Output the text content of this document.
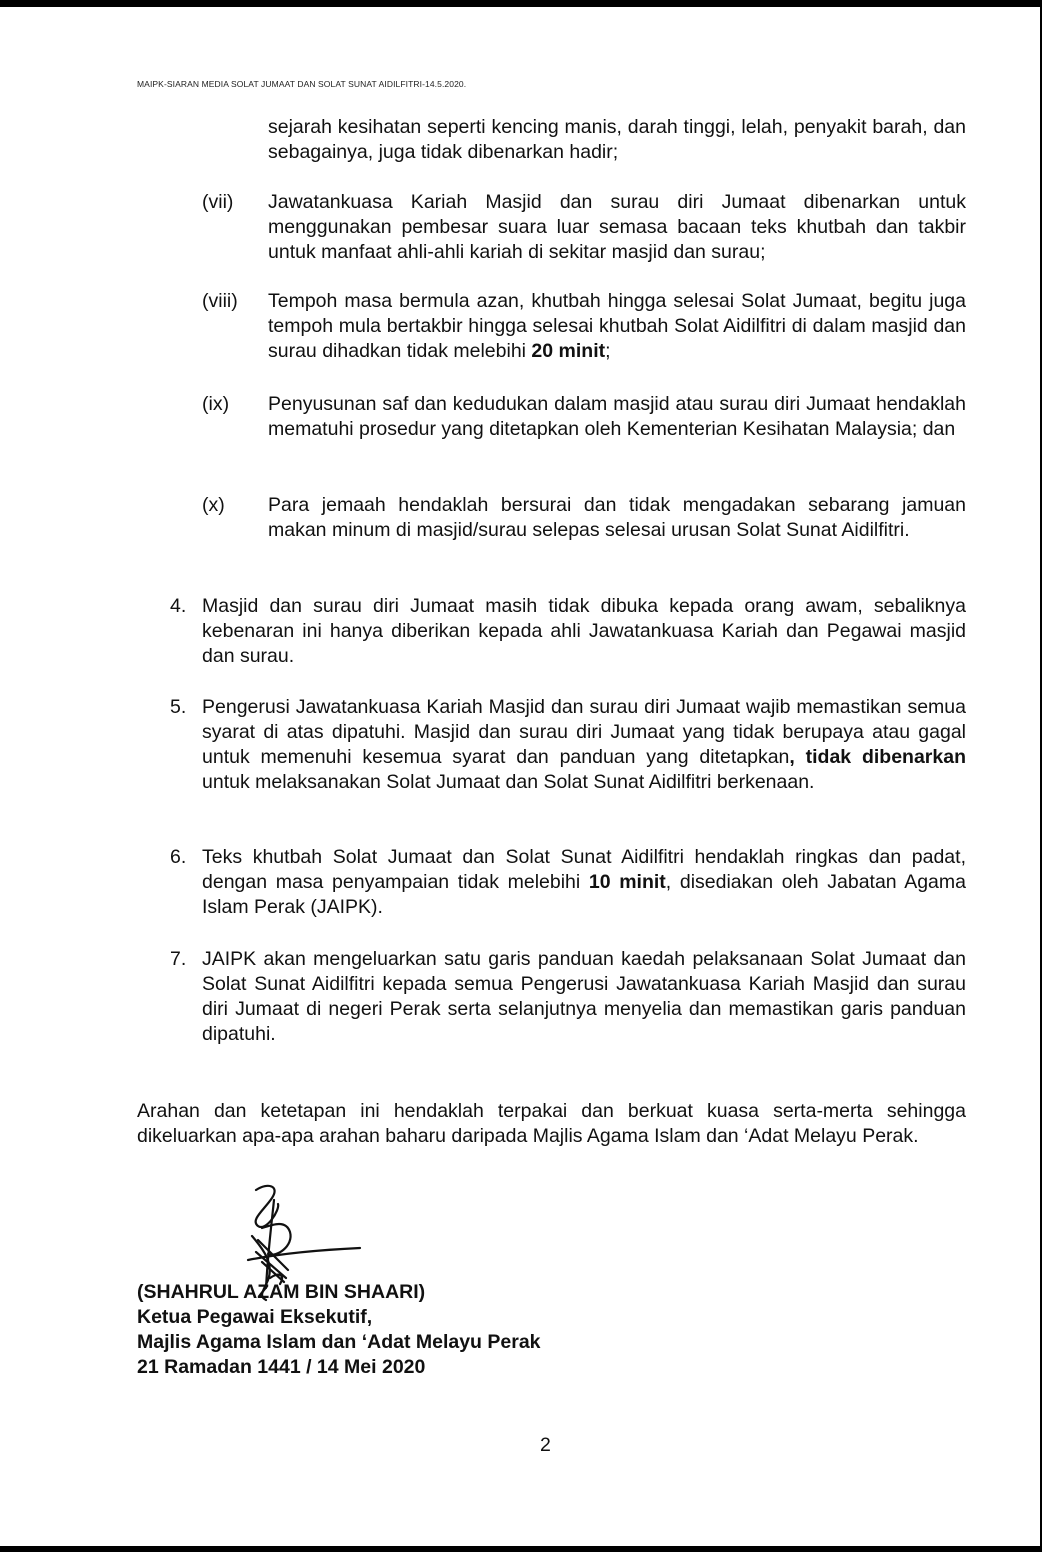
MAIPK-SIARAN MEDIA SOLAT JUMAAT DAN SOLAT SUNAT AIDILFITRI-14.5.2020.
sejarah kesihatan seperti kencing manis, darah tinggi, lelah, penyakit barah, dan sebagainya, juga tidak dibenarkan hadir;
(vii)	Jawatankuasa Kariah Masjid dan surau diri Jumaat dibenarkan untuk menggunakan pembesar suara luar semasa bacaan teks khutbah dan takbir untuk manfaat ahli-ahli kariah di sekitar masjid dan surau;
(viii)	Tempoh masa bermula azan, khutbah hingga selesai Solat Jumaat, begitu juga tempoh mula bertakbir hingga selesai khutbah Solat Aidilfitri di dalam masjid dan surau dihadkan tidak melebihi 20 minit;
(ix)	Penyusunan saf dan kedudukan dalam masjid atau surau diri Jumaat hendaklah mematuhi prosedur yang ditetapkan oleh Kementerian Kesihatan Malaysia; dan
(x)	Para jemaah hendaklah bersurai dan tidak mengadakan sebarang jamuan makan minum di masjid/surau selepas selesai urusan Solat Sunat Aidilfitri.
4. Masjid dan surau diri Jumaat masih tidak dibuka kepada orang awam, sebaliknya kebenaran ini hanya diberikan kepada ahli Jawatankuasa Kariah dan Pegawai masjid dan surau.
5. Pengerusi Jawatankuasa Kariah Masjid dan surau diri Jumaat wajib memastikan semua syarat di atas dipatuhi. Masjid dan surau diri Jumaat yang tidak berupaya atau gagal untuk memenuhi kesemua syarat dan panduan yang ditetapkan, tidak dibenarkan untuk melaksanakan Solat Jumaat dan Solat Sunat Aidilfitri berkenaan.
6. Teks khutbah Solat Jumaat dan Solat Sunat Aidilfitri hendaklah ringkas dan padat, dengan masa penyampaian tidak melebihi 10 minit, disediakan oleh Jabatan Agama Islam Perak (JAIPK).
7. JAIPK akan mengeluarkan satu garis panduan kaedah pelaksanaan Solat Jumaat dan Solat Sunat Aidilfitri kepada semua Pengerusi Jawatankuasa Kariah Masjid dan surau diri Jumaat di negeri Perak serta selanjutnya menyelia dan memastikan garis panduan dipatuhi.
Arahan dan ketetapan ini hendaklah terpakai dan berkuat kuasa serta-merta sehingga dikeluarkan apa-apa arahan baharu daripada Majlis Agama Islam dan ‘Adat Melayu Perak.
(SHAHRUL AZAM BIN SHAARI)
Ketua Pegawai Eksekutif,
Majlis Agama Islam dan ‘Adat Melayu Perak
21 Ramadan 1441 / 14 Mei 2020
2
